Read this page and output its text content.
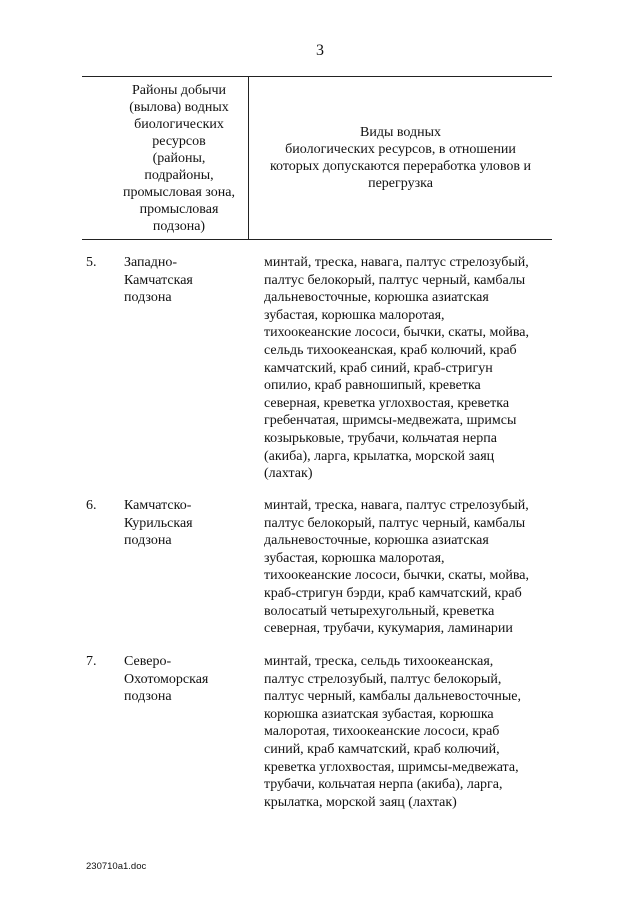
3
Районы добычи
(вылова) водных
биологических
ресурсов
(районы,
подрайоны,
промысловая зона,
промысловая
подзона)
Виды водных
биологических ресурсов, в отношении
которых допускаются переработка уловов и
перегрузка
5. Западно-
Камчатская
подзона
минтай, треска, навага, палтус стрелозубый,
палтус белокорый, палтус черный, камбалы
дальневосточные, корюшка азиатская
зубастая, корюшка малоротая,
тихоокеанские лососи, бычки, скаты, мойва,
сельдь тихоокеанская, краб колючий, краб
камчатский, краб синий, краб-стригун
опилио, краб равношипый, креветка
северная, креветка углохвостая, креветка
гребенчатая, шримсы-медвежата, шримсы
козырьковые, трубачи, кольчатая нерпа
(акиба), ларга, крылатка, морской заяц
(лахтак)
6. Камчатско-
Курильская
подзона
минтай, треска, навага, палтус стрелозубый,
палтус белокорый, палтус черный, камбалы
дальневосточные, корюшка азиатская
зубастая, корюшка малоротая,
тихоокеанские лососи, бычки, скаты, мойва,
краб-стригун бэрди, краб камчатский, краб
волосатый четырехугольный, креветка
северная, трубачи, кукумария, ламинарии
7. Северо-
Охотоморская
подзона
минтай, треска, сельдь тихоокеанская,
палтус стрелозубый, палтус белокорый,
палтус черный, камбалы дальневосточные,
корюшка азиатская зубастая, корюшка
малоротая, тихоокеанские лососи, краб
синий, краб камчатский, краб колючий,
креветка углохвостая, шримсы-медвежата,
трубачи, кольчатая нерпа (акиба), ларга,
крылатка, морской заяц (лахтак)
230710a1.doc
